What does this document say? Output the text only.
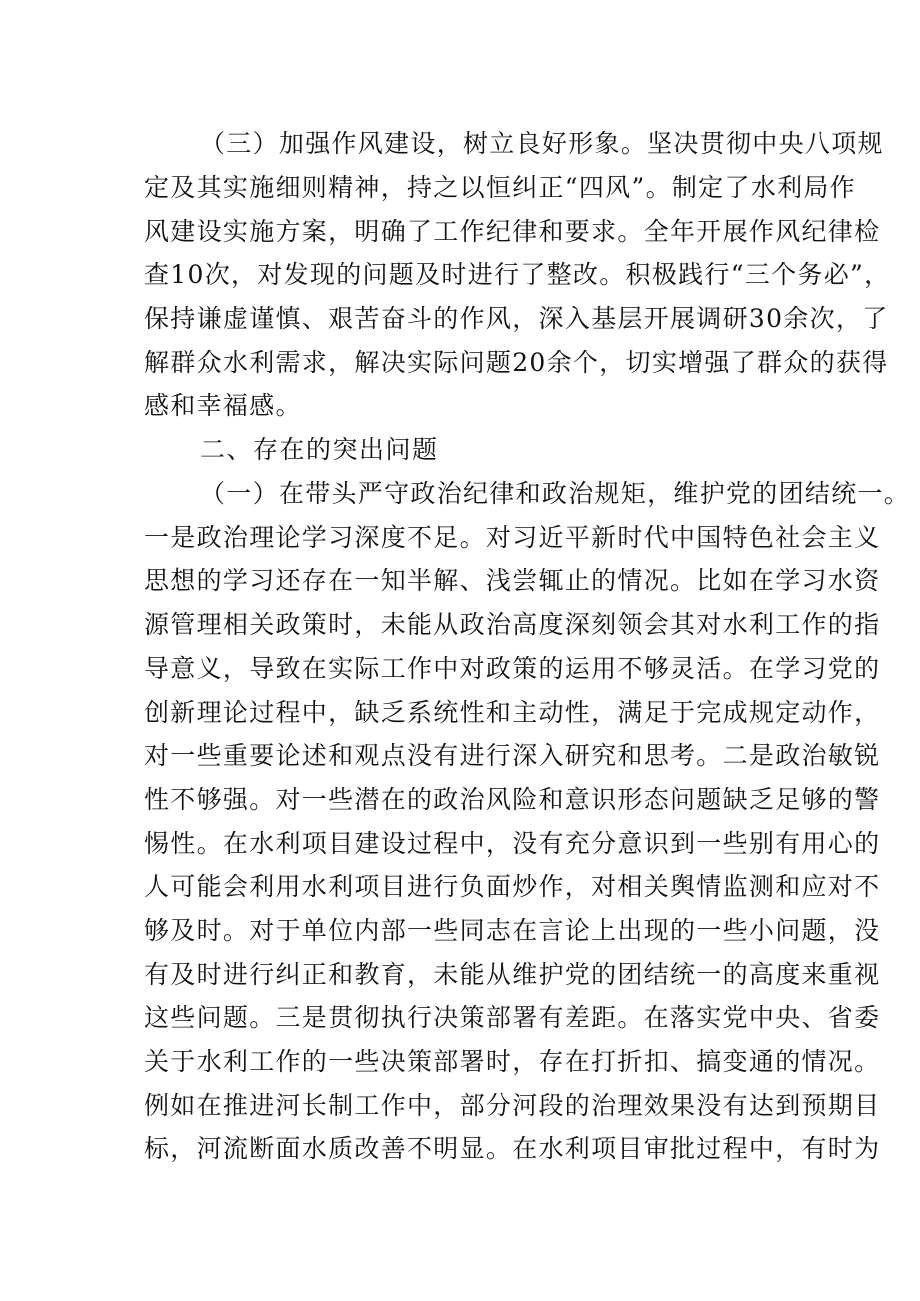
（三）加强作风建设，树立良好形象。坚决贯彻中央八项规
定及其实施细则精神，持之以恒纠正“四风”。制定了水利局作
风建设实施方案，明确了工作纪律和要求。全年开展作风纪律检
查10次，对发现的问题及时进行了整改。积极践行“三个务必”，
保持谦虚谨慎、艰苦奋斗的作风，深入基层开展调研30余次，了
解群众水利需求，解决实际问题20余个，切实增强了群众的获得
感和幸福感。
二、存在的突出问题
（一）在带头严守政治纪律和政治规矩，维护党的团结统一。
一是政治理论学习深度不足。对习近平新时代中国特色社会主义
思想的学习还存在一知半解、浅尝辄止的情况。比如在学习水资
源管理相关政策时，未能从政治高度深刻领会其对水利工作的指
导意义，导致在实际工作中对政策的运用不够灵活。在学习党的
创新理论过程中，缺乏系统性和主动性，满足于完成规定动作，
对一些重要论述和观点没有进行深入研究和思考。二是政治敏锐
性不够强。对一些潜在的政治风险和意识形态问题缺乏足够的警
惕性。在水利项目建设过程中，没有充分意识到一些别有用心的
人可能会利用水利项目进行负面炒作，对相关舆情监测和应对不
够及时。对于单位内部一些同志在言论上出现的一些小问题，没
有及时进行纠正和教育，未能从维护党的团结统一的高度来重视
这些问题。三是贯彻执行决策部署有差距。在落实党中央、省委
关于水利工作的一些决策部署时，存在打折扣、搞变通的情况。
例如在推进河长制工作中，部分河段的治理效果没有达到预期目
标，河流断面水质改善不明显。在水利项目审批过程中，有时为
